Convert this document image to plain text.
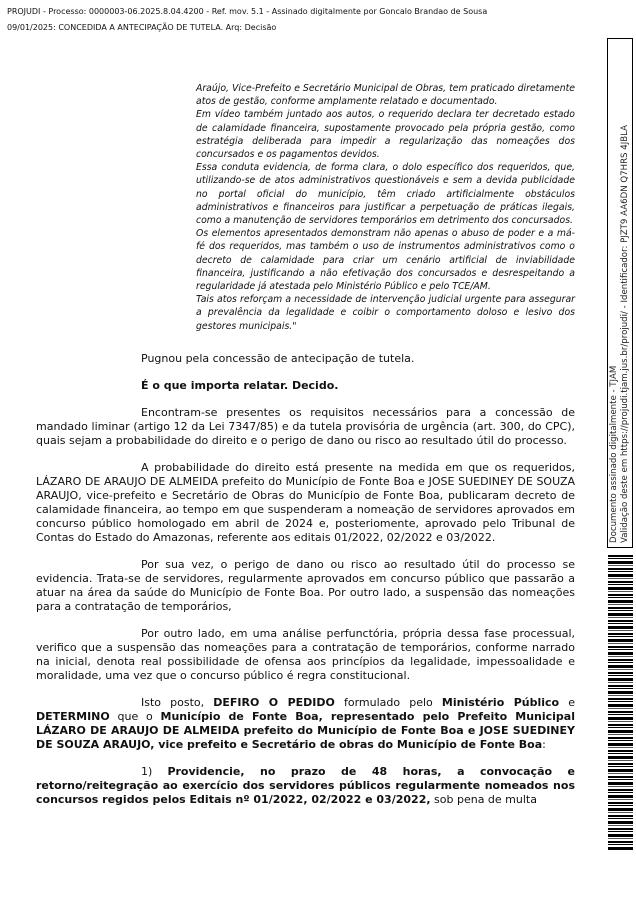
PROJUDI - Processo: 0000003-06.2025.8.04.4200 - Ref. mov. 5.1 - Assinado digitalmente por Goncalo Brandao de Sousa
09/01/2025: CONCEDIDA A ANTECIPAÇÃO DE TUTELA. Arq: Decisão

Araújo, Vice-Prefeito e Secretário Municipal de Obras, tem praticado diretamente atos de gestão, conforme amplamente relatado e documentado.

Em vídeo também juntado aos autos, o requerido declara ter decretado estado de calamidade financeira, supostamente provocado pela própria gestão, como estratégia deliberada para impedir a regularização das nomeações dos concursados e os pagamentos devidos.

Essa conduta evidencia, de forma clara, o dolo específico dos requeridos, que, utilizando-se de atos administrativos questionáveis e sem a devida publicidade no portal oficial do município, têm criado artificialmente obstáculos administrativos e financeiros para justificar a perpetuação de práticas ilegais, como a manutenção de servidores temporários em detrimento dos concursados.

Os elementos apresentados demonstram não apenas o abuso de poder e a má-fé dos requeridos, mas também o uso de instrumentos administrativos como o decreto de calamidade para criar um cenário artificial de inviabilidade financeira, justificando a não efetivação dos concursados e desrespeitando a regularidade já atestada pelo Ministério Público e pelo TCE/AM.

Tais atos reforçam a necessidade de intervenção judicial urgente para assegurar a prevalência da legalidade e coibir o comportamento doloso e lesivo dos gestores municipais."

Pugnou pela concessão de antecipação de tutela.

É o que importa relatar. Decido.

Encontram-se presentes os requisitos necessários para a concessão de mandado liminar (artigo 12 da Lei 7347/85) e da tutela provisória de urgência (art. 300, do CPC), quais sejam a probabilidade do direito e o perigo de dano ou risco ao resultado útil do processo.

A probabilidade do direito está presente na medida em que os requeridos, LÁZARO DE ARAUJO DE ALMEIDA prefeito do Município de Fonte Boa e JOSE SUEDINEY DE SOUZA ARAUJO, vice-prefeito e Secretário de Obras do Município de Fonte Boa, publicaram decreto de calamidade financeira, ao tempo em que suspenderam a nomeação de servidores aprovados em concurso público homologado em abril de 2024 e, posteriomente, aprovado pelo Tribunal de Contas do Estado do Amazonas, referente aos editais 01/2022, 02/2022 e 03/2022.

Por sua vez, o perigo de dano ou risco ao resultado útil do processo se evidencia. Trata-se de servidores, regularmente aprovados em concurso público que passarão a atuar na área da saúde do Município de Fonte Boa. Por outro lado, a suspensão das nomeações para a contratação de temporários,

Por outro lado, em uma análise perfunctória, própria dessa fase processual, verifico que a suspensão das nomeações para a contratação de temporários, conforme narrado na inicial, denota real possibilidade de ofensa aos princípios da legalidade, impessoalidade e moralidade, uma vez que o concurso público é regra constitucional.

Isto posto, DEFIRO O PEDIDO formulado pelo Ministério Público e DETERMINO que o Município de Fonte Boa, representado pelo Prefeito Municipal LÁZARO DE ARAUJO DE ALMEIDA prefeito do Município de Fonte Boa e JOSE SUEDINEY DE SOUZA ARAUJO, vice prefeito e Secretário de obras do Município de Fonte Boa:

1) Providencie, no prazo de 48 horas, a convocação e retorno/reitegração ao exercício dos servidores públicos regularmente nomeados nos concursos regidos pelos Editais nº 01/2022, 02/2022 e 03/2022, sob pena de multa

Documento assinado digitalmente - TJAM Validação deste em https://projudi.tjam.jus.br/projudi/ - Identificador: PJZT9 AA6DN Q7HRS 4JBLA
